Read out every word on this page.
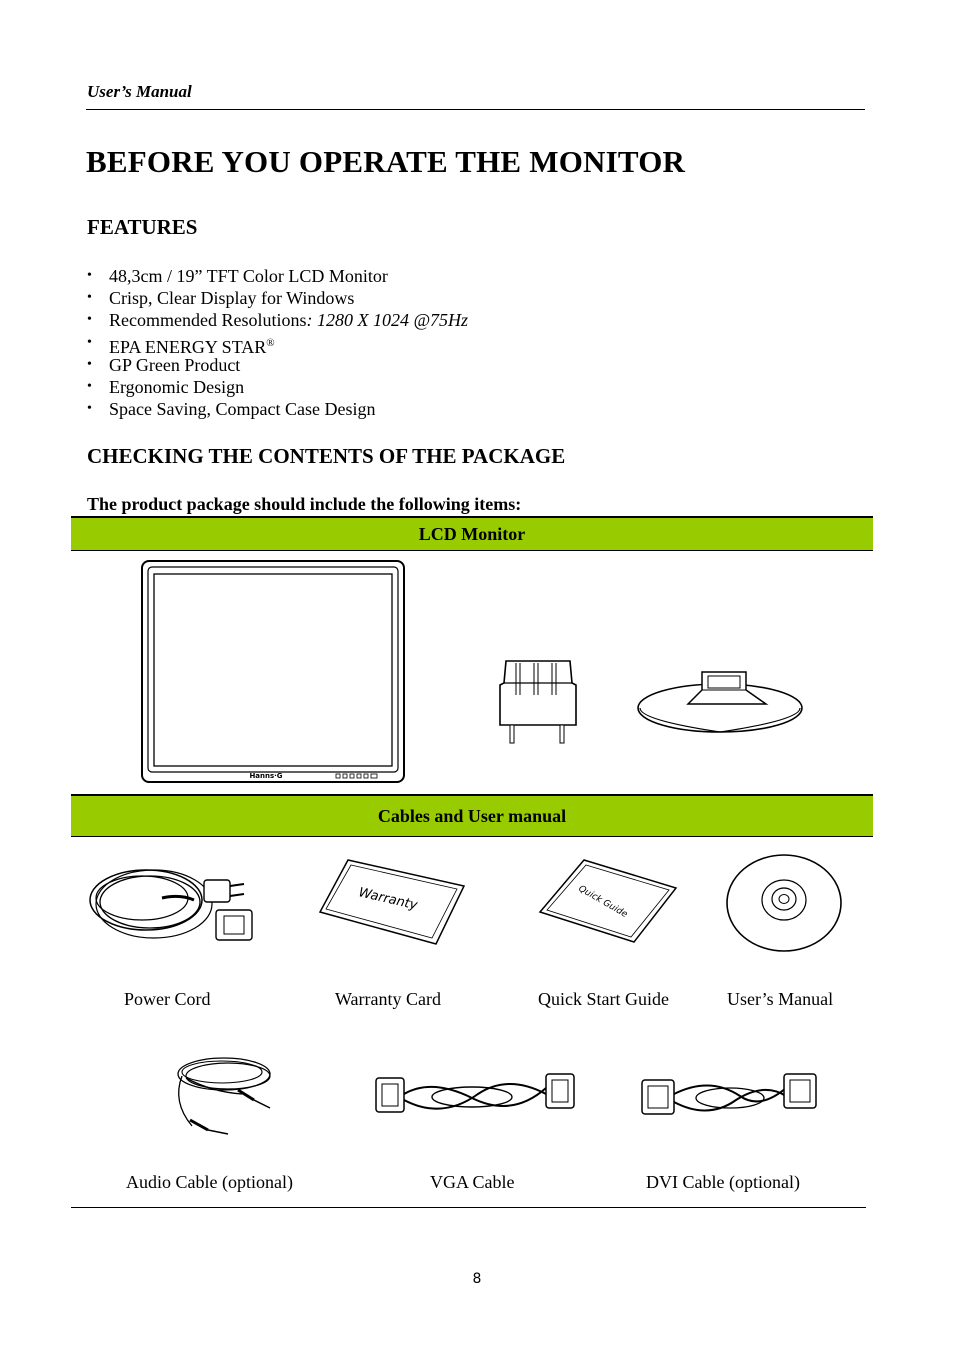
User’s Manual
BEFORE YOU OPERATE THE MONITOR
FEATURES
• 48,3cm / 19” TFT Color LCD Monitor
• Crisp, Clear Display for Windows
• Recommended Resolutions: 1280 X 1024 @75Hz
• EPA ENERGY STAR®
• GP Green Product
• Ergonomic Design
• Space Saving, Compact Case Design
CHECKING THE CONTENTS OF THE PACKAGE
The product package should include the following items:
LCD Monitor
Hanns·G
Cables and User manual
Warranty	Quick Guide
Power Cord	Warranty Card	Quick Start Guide	User’s Manual
Audio Cable (optional)	VGA Cable	DVI Cable (optional)
8
